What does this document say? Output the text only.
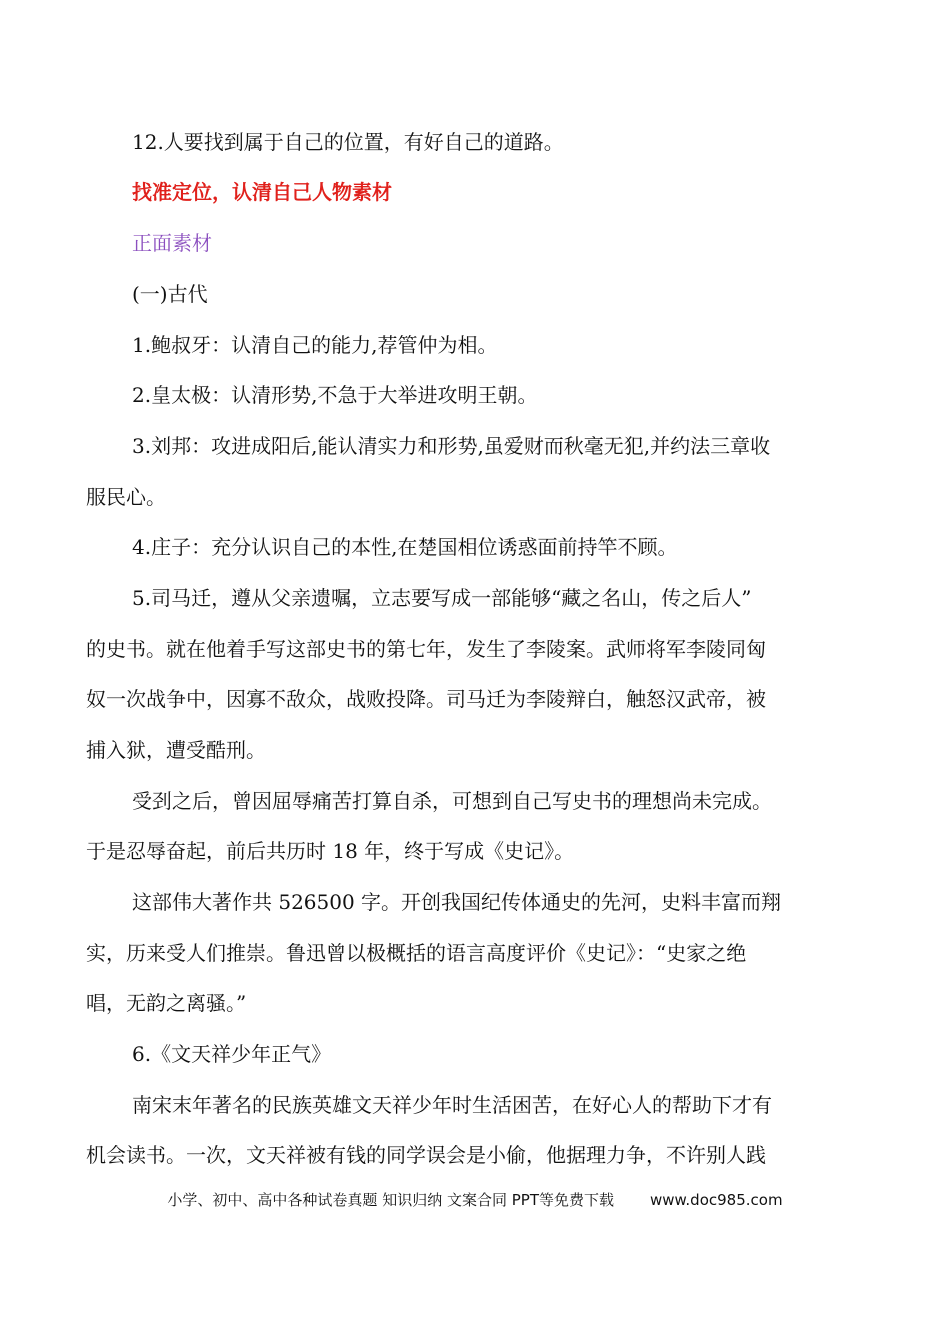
12.人要找到属于自己的位置，有好自己的道路。
找准定位，认清自己人物素材
正面素材
(一)古代
1.鲍叔牙：认清自己的能力,荐管仲为相。
2.皇太极：认清形势,不急于大举进攻明王朝。
3.刘邦：攻进成阳后,能认清实力和形势,虽爱财而秋毫无犯,并约法三章收
服民心。
4.庄子：充分认识自己的本性,在楚国相位诱惑面前持竿不顾。
5.司马迁，遵从父亲遗嘱，立志要写成一部能够“藏之名山，传之后人”
的史书。就在他着手写这部史书的第七年，发生了李陵案。武师将军李陵同匈
奴一次战争中，因寡不敌众，战败投降。司马迁为李陵辩白，触怒汉武帝，被
捕入狱，遭受酷刑。
受刭之后，曾因屈辱痛苦打算自杀，可想到自己写史书的理想尚未完成。
于是忍辱奋起，前后共历时 18 年，终于写成《史记》。
这部伟大著作共 526500 字。开创我国纪传体通史的先河，史料丰富而翔
实，历来受人们推崇。鲁迅曾以极概括的语言高度评价《史记》：“史家之绝
唱，无韵之离骚。”
6.《文天祥少年正气》
南宋末年著名的民族英雄文天祥少年时生活困苦，在好心人的帮助下才有
机会读书。一次，文天祥被有钱的同学误会是小偷，他据理力争，不许别人践
小学、初中、高中各种试卷真题 知识归纳 文案合同 PPT等免费下载 www.doc985.com
